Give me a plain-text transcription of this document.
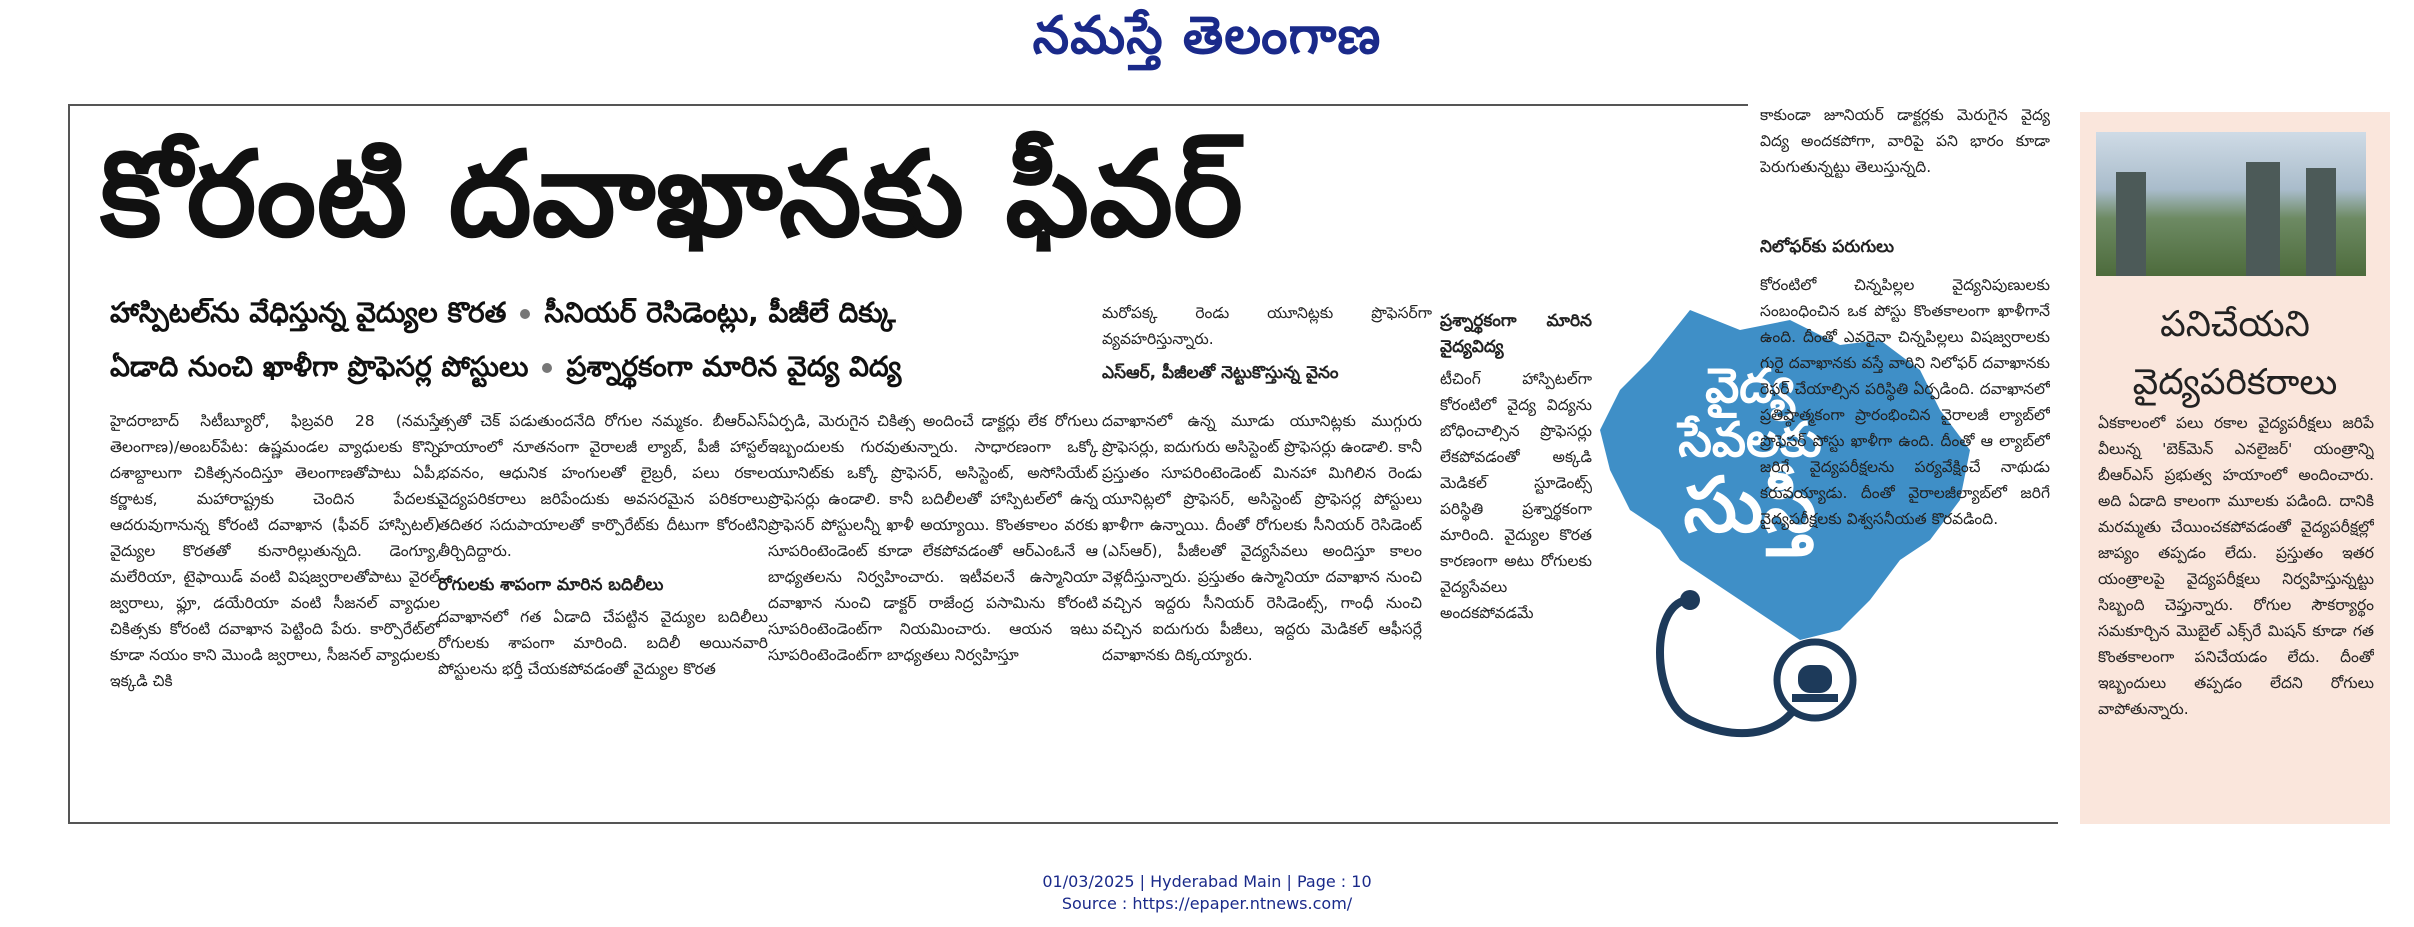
నమస్తే తెలంగాణ
కోరంటి దవాఖానకు ఫీవర్
హాస్పిటల్‌ను వేధిస్తున్న వైద్యుల కొరత సీనియర్ రెసిడెంట్లు, పీజీలే దిక్కు
ఏడాది నుంచి ఖాళీగా ప్రొఫెసర్ల పోస్టులు ప్రశ్నార్థకంగా మారిన వైద్య విద్య

హైదరాబాద్ సిటీబ్యూరో, ఫిబ్రవరి 28 (నమస్తే తెలంగాణ)/అంబర్‌పేట: ఉష్ణమండల వ్యాధులకు కొన్ని దశాబ్దాలుగా చికిత్సనందిస్తూ తెలంగాణతోపాటు ఏపీ, కర్ణాటక, మహారాష్ట్రకు చెందిన పేదలకు ఆదరువుగానున్న కోరంటి దవాఖాన (ఫీవర్ హాస్పిటల్) వైద్యుల కొరతతో కునారిల్లుతున్నది. డెంగ్యూ, మలేరియా, టైఫాయిడ్ వంటి విషజ్వరాలతోపాటు వైరల్ జ్వరాలు, ఫ్లూ, డయేరియా వంటి సీజనల్ వ్యాధుల చికిత్సకు కోరంటి దవాఖాన పెట్టింది పేరు. కార్పొరేట్‌లో కూడా నయం కాని మొండి జ్వరాలు, సీజనల్ వ్యాధులకు ఇక్కడి చికి

త్సతో చెక్ పడుతుందనేది రోగుల నమ్మకం. బీఆర్‌ఎస్ హయాంలో నూతనంగా వైరాలజీ ల్యాబ్, పీజీ హాస్టల్ భవనం, ఆధునిక హంగులతో లైబ్రరీ, పలు రకాల వైద్యపరికరాలు జరిపేందుకు అవసరమైన పరికరాలు తదితర సదుపాయాలతో కార్పొరేట్‌కు దీటుగా కోరంటిని తీర్చిదిద్దారు.

రోగులకు శాపంగా మారిన బదిలీలు

దవాఖానలో గత ఏడాది చేపట్టిన వైద్యుల బదిలీలు రోగులకు శాపంగా మారింది. బదిలీ అయినవారి పోస్టులను భర్తీ చేయకపోవడంతో వైద్యుల కొరత

ఏర్పడి, మెరుగైన చికిత్స అందించే డాక్టర్లు లేక రోగులు ఇబ్బందులకు గురవుతున్నారు. సాధారణంగా ఒక్కో యూనిట్‌కు ఒక్కో ప్రొఫెసర్, అసిస్టెంట్, అసోసియేట్ ప్రొఫెసర్లు ఉండాలి. కానీ బదిలీలతో హాస్పిటల్‌లో ఉన్న ప్రొఫెసర్ పోస్టులన్నీ ఖాళీ అయ్యాయి. కొంతకాలం వరకు సూపరింటెండెంట్ కూడా లేకపోవడంతో ఆర్‌ఎంఓనే ఆ బాధ్యతలను నిర్వహించారు. ఇటీవలనే ఉస్మానియా దవాఖాన నుంచి డాక్టర్ రాజేంద్ర పసామిను కోరంటి సూపరింటెండెంట్‌గా నియమించారు. ఆయన ఇటు సూపరింటెండెంట్‌గా బాధ్యతలు నిర్వహిస్తూ

మరోపక్క రెండు యూనిట్లకు ప్రొఫెసర్‌గా వ్యవహరిస్తున్నారు.

ఎస్‌ఆర్, పీజీలతో నెట్టుకొస్తున్న వైనం

దవాఖానలో ఉన్న మూడు యూనిట్లకు ముగ్గురు ప్రొఫెసర్లు, ఐదుగురు అసిస్టెంట్ ప్రొఫెసర్లు ఉండాలి. కానీ ప్రస్తుతం సూపరింటెండెంట్ మినహా మిగిలిన రెండు యూనిట్లలో ప్రొఫెసర్, అసిస్టెంట్ ప్రొఫెసర్ల పోస్టులు ఖాళీగా ఉన్నాయి. దీంతో రోగులకు సీనియర్ రెసిడెంట్ (ఎస్‌ఆర్), పీజీలతో వైద్యసేవలు అందిస్తూ కాలం వెళ్లదీస్తున్నారు. ప్రస్తుతం ఉస్మానియా దవాఖాన నుంచి వచ్చిన ఇద్దరు సీనియర్ రెసిడెంట్స్, గాంధీ నుంచి వచ్చిన ఐదుగురు పీజీలు, ఇద్దరు మెడికల్ ఆఫీసర్లే దవాఖానకు దిక్కయ్యారు.

వైద్య
సేవలకు
సుస్తీ

ప్రశ్నార్థకంగా మారిన వైద్యవిద్య

టీచింగ్ హాస్పిటల్‌గా కోరంటిలో వైద్య విద్యను బోధించాల్సిన ప్రొఫెసర్లు లేకపోవడంతో అక్కడి మెడికల్ స్టూడెంట్స్ పరిస్థితి ప్రశ్నార్థకంగా మారింది. వైద్యుల కొరత కారణంగా అటు రోగులకు వైద్యసేవలు అందకపోవడమే

కాకుండా జూనియర్ డాక్టర్లకు మెరుగైన వైద్య విద్య అందకపోగా, వారిపై పని భారం కూడా పెరుగుతున్నట్టు తెలుస్తున్నది.

నిలోఫర్‌కు పరుగులు

కోరంటిలో చిన్నపిల్లల వైద్యనిపుణులకు సంబంధించిన ఒక పోస్టు కొంతకాలంగా ఖాళీగానే ఉంది. దీంతో ఎవరైనా చిన్నపిల్లలు విషజ్వరాలకు గురై దవాఖానకు వస్తే వారిని నిలోఫర్ దవాఖానకు రెఫర్ చేయాల్సిన పరిస్థితి ఏర్పడింది. దవాఖానలో ప్రతిష్ఠాత్మకంగా ప్రారంభించిన వైరాలజీ ల్యాబ్‌లో ప్రొఫెసర్ పోస్టు ఖాళీగా ఉంది. దీంతో ఆ ల్యాబ్‌లో జరిగే వైద్యపరీక్షలను పర్యవేక్షించే నాథుడు కరువయ్యాడు. దీంతో వైరాలజీల్యాబ్‌లో జరిగే వైద్యపరీక్షలకు విశ్వసనీయత కొరవడింది.

పనిచేయని వైద్యపరికరాలు
ఏకకాలంలో పలు రకాల వైద్యపరీక్షలు జరిపే వీలున్న 'బెక్‌మెన్ ఎనలైజర్' యంత్రాన్ని బీఆర్‌ఎస్ ప్రభుత్వ హయాంలో అందించారు. అది ఏడాది కాలంగా మూలకు పడింది. దానికి మరమ్మతు చేయించకపోవడంతో వైద్యపరీక్షల్లో జాప్యం తప్పడం లేదు. ప్రస్తుతం ఇతర యంత్రాలపై వైద్యపరీక్షలు నిర్వహిస్తున్నట్టు సిబ్బంది చెప్తున్నారు. రోగుల సౌకర్యార్థం సమకూర్చిన మొబైల్ ఎక్స్‌రే మిషన్ కూడా గత కొంతకాలంగా పనిచేయడం లేదు. దీంతో ఇబ్బందులు తప్పడం లేదని రోగులు వాపోతున్నారు.
01/03/2025 | Hyderabad Main | Page : 10
Source : https://epaper.ntnews.com/
